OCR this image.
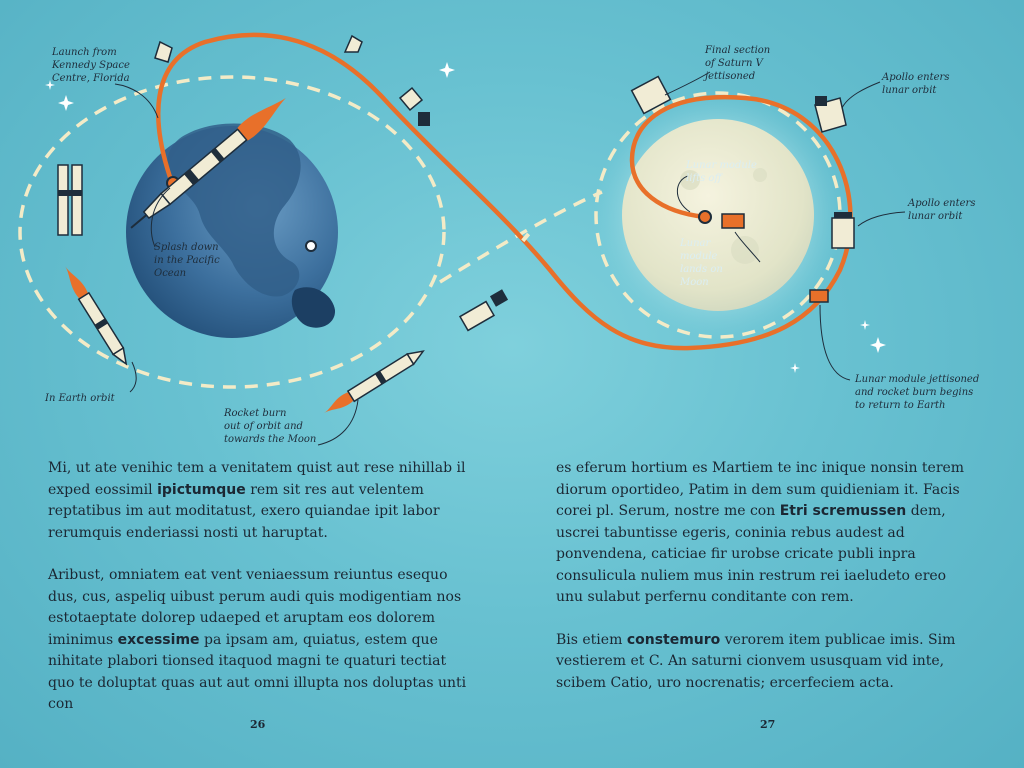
Launch from
Kennedy Space
Centre, Florida
Splash down
in the Pacific
Ocean
In Earth orbit
Rocket burn
out of orbit and
towards the Moon
Final section
of Saturn V
jettisoned	Apollo enters
lunar orbit
Apollo enters
lunar orbit
Lunar module
lifts off
Lunar
module
lands on
Moon
Lunar module jettisoned
and rocket burn begins
to return to Earth

Mi, ut ate venihic tem a venitatem quist aut rese nihillab il exped eossimil ipictumque rem sit res aut velentem reptatibus im aut moditatust, exero quiandae ipit labor rerumquis enderiassi nosti ut haruptat.

Aribust, omniatem eat vent veniaessum reiuntus esequo dus, cus, aspeliq uibust perum audi quis modigentiam nos estotaeptate dolorep udaeped et aruptam eos dolorem iminimus excessime pa ipsam am, quiatus, estem que nihitate plabori tionsed itaquod magni te quaturi tectiat quo te doluptat quas aut aut omni illupta nos doluptas unti con

es eferum hortium es Martiem te inc inique nonsin terem diorum oportideo, Patim in dem sum quidieniam it. Facis corei pl. Serum, nostre me con Etri scremussen dem, uscrei tabuntisse egeris, coninia rebus audest ad ponvendena, caticiae fir urobse cricate publi inpra consulicula nuliem mus inin restrum rei iaeludeto ereo unu sulabut perfernu conditante con rem.

Bis etiem constemuro verorem item publicae imis. Sim vestierem et C. An saturni cionvem ususquam vid inte, scibem Catio, uro nocrenatis; ercerfeciem acta.

26	27
